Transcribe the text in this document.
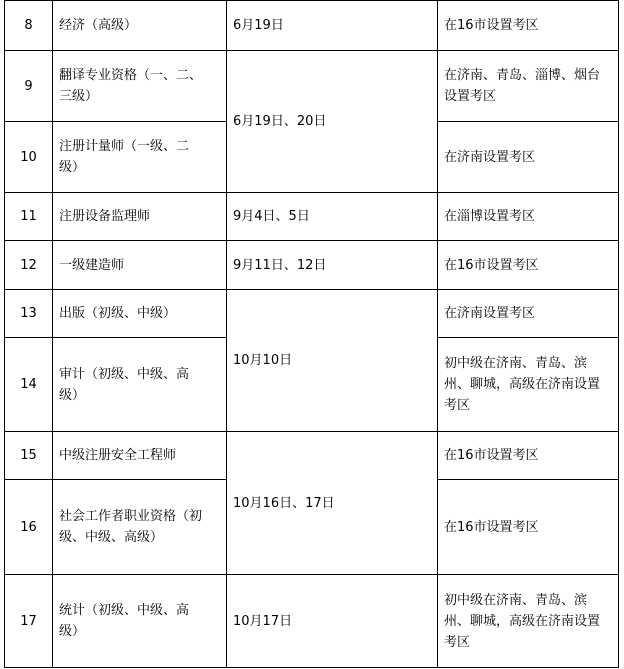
8	经济（高级）	6月19日	在16市设置考区
9	翻译专业资格（一、二、三级）	6月19日、20日	在济南、青岛、淄博、烟台设置考区
10	注册计量师（一级、二级）		在济南设置考区
11	注册设备监理师	9月4日、5日	在淄博设置考区
12	一级建造师	9月11日、12日	在16市设置考区
13	出版（初级、中级）	10月10日	在济南设置考区
14	审计（初级、中级、高级）		初中级在济南、青岛、滨州、聊城，高级在济南设置考区
15	中级注册安全工程师	10月16日、17日	在16市设置考区
16	社会工作者职业资格（初级、中级、高级）		在16市设置考区
17	统计（初级、中级、高级）	10月17日	初中级在济南、青岛、滨州、聊城，高级在济南设置考区
